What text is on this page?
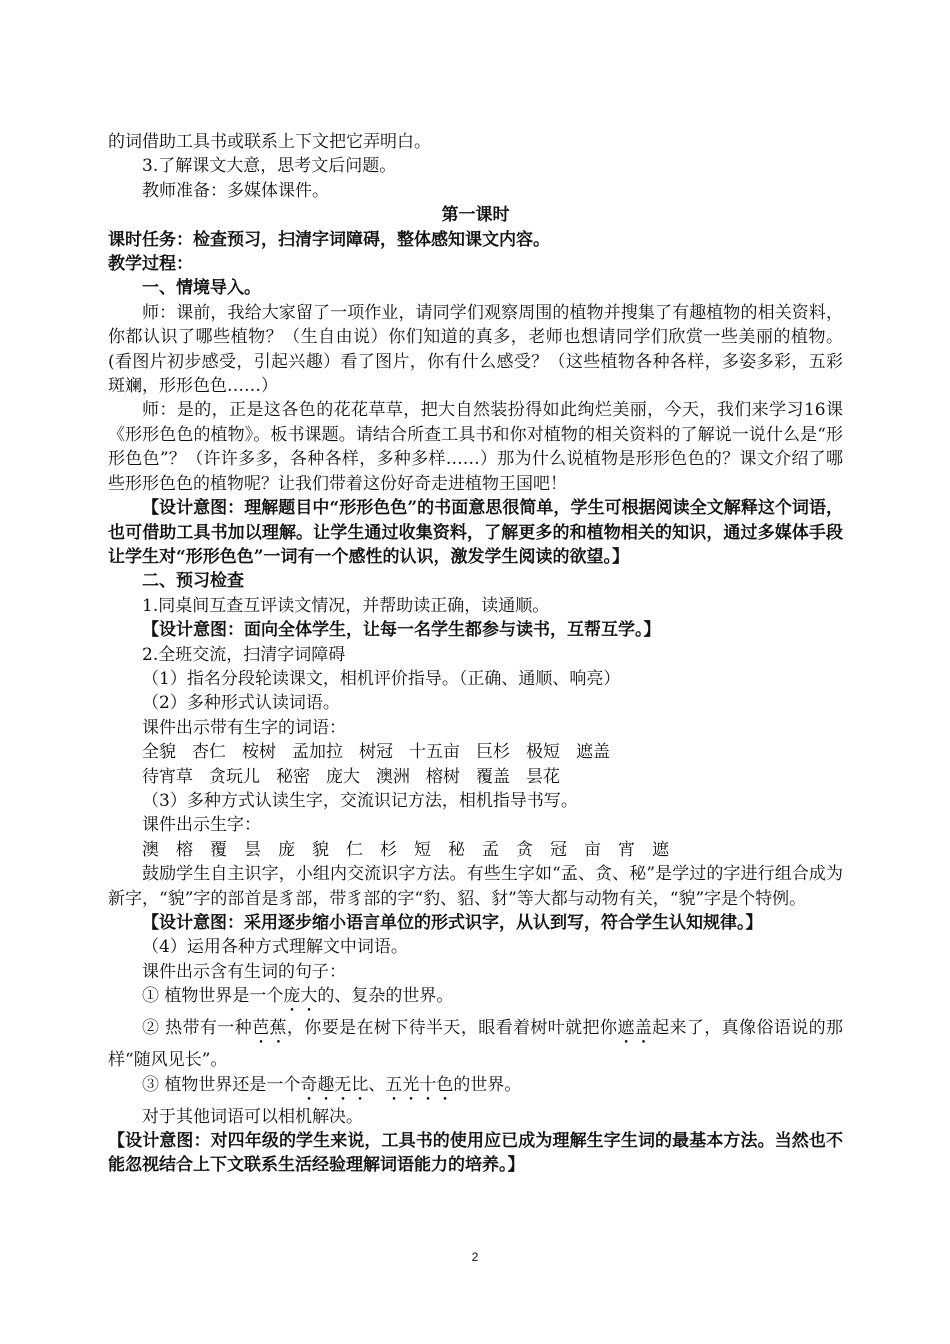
的词借助工具书或联系上下文把它弄明白。

3.了解课文大意，思考文后问题。

教师准备：多媒体课件。

第一课时

课时任务：检查预习，扫清字词障碍，整体感知课文内容。

教学过程：

一、情境导入。

师：课前，我给大家留了一项作业，请同学们观察周围的植物并搜集了有趣植物的相关资料，你都认识了哪些植物？（生自由说）你们知道的真多，老师也想请同学们欣赏一些美丽的植物。(看图片初步感受，引起兴趣）看了图片，你有什么感受？（这些植物各种各样，多姿多彩，五彩斑斓，形形色色……）

师：是的，正是这各色的花花草草，把大自然装扮得如此绚烂美丽，今天，我们来学习16课《形形色色的植物》。板书课题。请结合所查工具书和你对植物的相关资料的了解说一说什么是“形形色色”？（许许多多，各种各样，多种多样……）那为什么说植物是形形色色的？课文介绍了哪些形形色色的植物呢？让我们带着这份好奇走进植物王国吧！

【设计意图：理解题目中“形形色色”的书面意思很简单，学生可根据阅读全文解释这个词语，也可借助工具书加以理解。让学生通过收集资料，了解更多的和植物相关的知识，通过多媒体手段让学生对“形形色色”一词有一个感性的认识，激发学生阅读的欲望。】

二、预习检查

1.同桌间互查互评读文情况，并帮助读正确，读通顺。

【设计意图：面向全体学生，让每一名学生都参与读书，互帮互学。】

2.全班交流，扫清字词障碍

（1）指名分段轮读课文，相机评价指导。（正确、通顺、响亮）

（2）多种形式认读词语。

课件出示带有生字的词语：

全貌 杏仁 桉树 孟加拉 树冠 十五亩 巨杉 极短 遮盖
待宵草 贪玩儿 秘密 庞大 澳洲 榕树 覆盖 昙花

（3）多种方式认读生字，交流识记方法，相机指导书写。

课件出示生字：

澳 榕 覆 昙 庞 貌 仁 杉 短 秘 孟 贪 冠 亩 宵 遮

鼓励学生自主识字，小组内交流识字方法。有些生字如“孟、贪、秘”是学过的字进行组合成为新字，“貌”字的部首是豸部，带豸部的字“豹、貂、豺”等大都与动物有关，“貌”字是个特例。

【设计意图：采用逐步缩小语言单位的形式识字，从认到写，符合学生认知规律。】

（4）运用各种方式理解文中词语。

课件出示含有生词的句子：

① 植物世界是一个庞大的、复杂的世界。

② 热带有一种芭蕉，你要是在树下待半天，眼看着树叶就把你遮盖起来了，真像俗语说的那样“随风见长”。

③ 植物世界还是一个奇趣无比、五光十色的世界。

对于其他词语可以相机解决。

【设计意图：对四年级的学生来说，工具书的使用应已成为理解生字生词的最基本方法。当然也不能忽视结合上下文联系生活经验理解词语能力的培养。】

2
